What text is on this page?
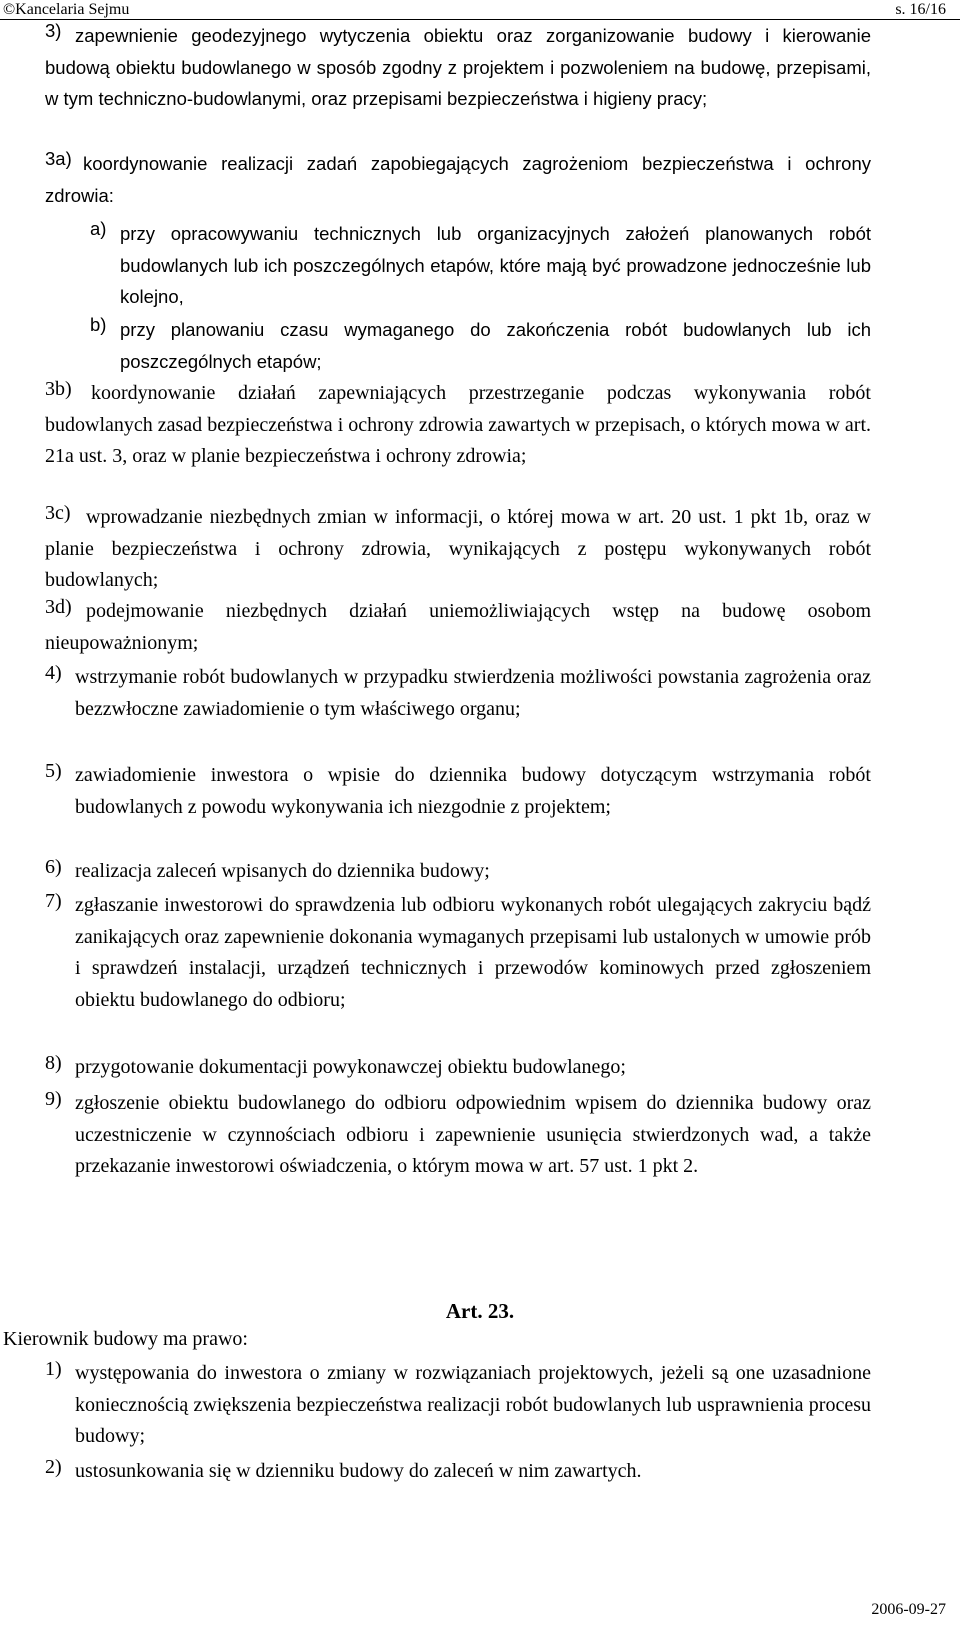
©Kancelaria Sejmu	s. 16/16
3) zapewnienie geodezyjnego wytyczenia obiektu oraz zorganizowanie budowy i kierowanie budową obiektu budowlanego w sposób zgodny z projektem i pozwoleniem na budowę, przepisami, w tym techniczno-budowlanymi, oraz przepisami bezpieczeństwa i higieny pracy;
3a) koordynowanie realizacji zadań zapobiegających zagrożeniom bezpieczeństwa i ochrony zdrowia:
a) przy opracowywaniu technicznych lub organizacyjnych założeń planowanych robót budowlanych lub ich poszczególnych etapów, które mają być prowadzone jednocześnie lub kolejno,
b) przy planowaniu czasu wymaganego do zakończenia robót budowlanych lub ich poszczególnych etapów;
3b) koordynowanie działań zapewniających przestrzeganie podczas wykonywania robót budowlanych zasad bezpieczeństwa i ochrony zdrowia zawartych w przepisach, o których mowa w art. 21a ust. 3, oraz w planie bezpieczeństwa i ochrony zdrowia;
3c) wprowadzanie niezbędnych zmian w informacji, o której mowa w art. 20 ust. 1 pkt 1b, oraz w planie bezpieczeństwa i ochrony zdrowia, wynikających z postępu wykonywanych robót budowlanych;
3d) podejmowanie niezbędnych działań uniemożliwiających wstęp na budowę osobom nieupoważnionym;
4) wstrzymanie robót budowlanych w przypadku stwierdzenia możliwości powstania zagrożenia oraz bezzwłoczne zawiadomienie o tym właściwego organu;
5) zawiadomienie inwestora o wpisie do dziennika budowy dotyczącym wstrzymania robót budowlanych z powodu wykonywania ich niezgodnie z projektem;
6) realizacja zaleceń wpisanych do dziennika budowy;
7) zgłaszanie inwestorowi do sprawdzenia lub odbioru wykonanych robót ulegających zakryciu bądź zanikających oraz zapewnienie dokonania wymaganych przepisami lub ustalonych w umowie prób i sprawdzeń instalacji, urządzeń technicznych i przewodów kominowych przed zgłoszeniem obiektu budowlanego do odbioru;
8) przygotowanie dokumentacji powykonawczej obiektu budowlanego;
9) zgłoszenie obiektu budowlanego do odbioru odpowiednim wpisem do dziennika budowy oraz uczestniczenie w czynnościach odbioru i zapewnienie usunięcia stwierdzonych wad, a także przekazanie inwestorowi oświadczenia, o którym mowa w art. 57 ust. 1 pkt 2.
Art. 23.
Kierownik budowy ma prawo:
1) występowania do inwestora o zmiany w rozwiązaniach projektowych, jeżeli są one uzasadnione koniecznością zwiększenia bezpieczeństwa realizacji robót budowlanych lub usprawnienia procesu budowy;
2) ustosunkowania się w dzienniku budowy do zaleceń w nim zawartych.
2006-09-27
